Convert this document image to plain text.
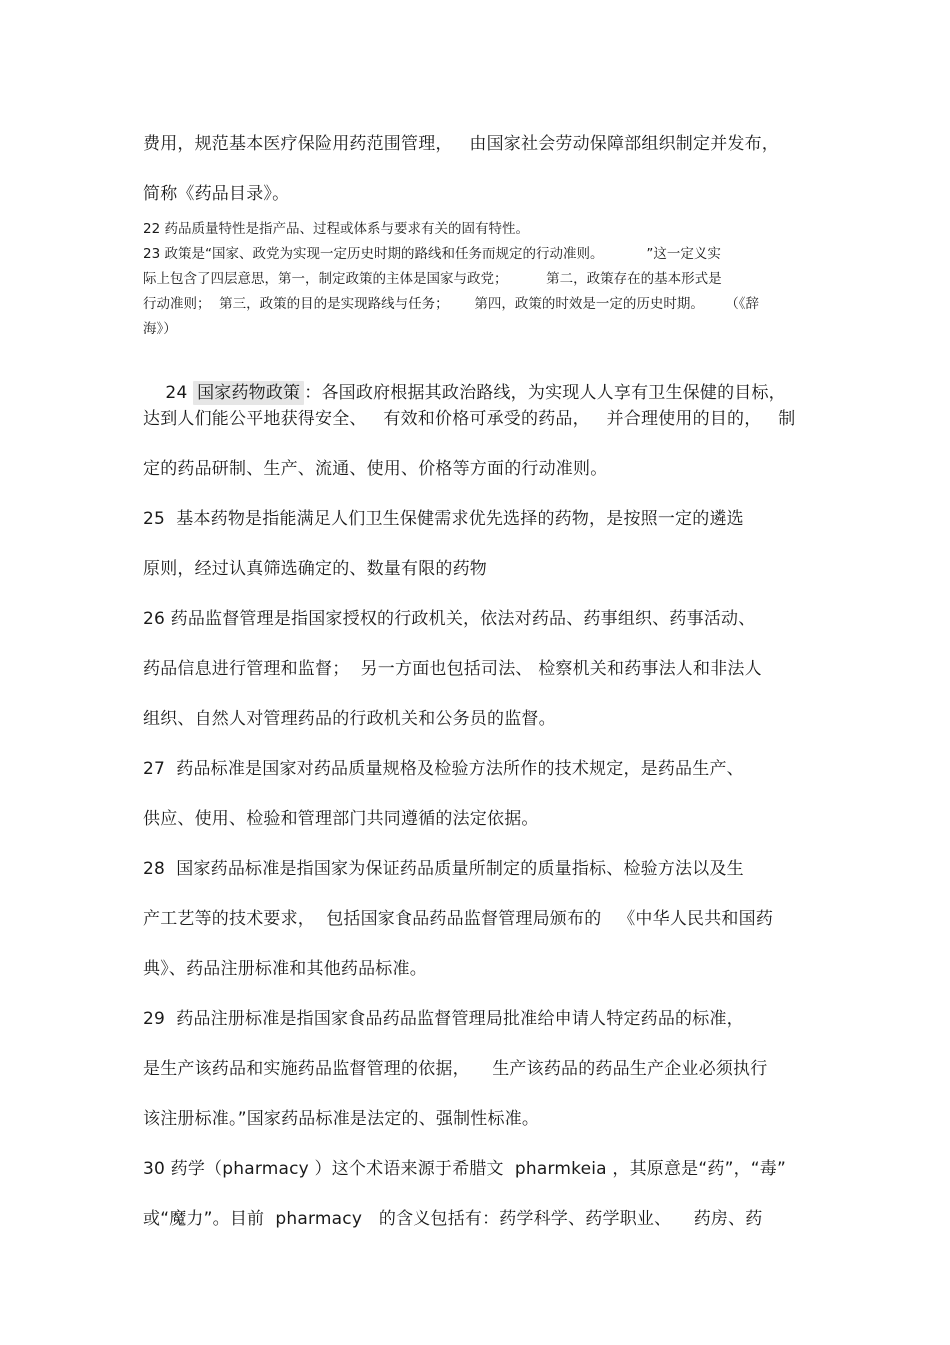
费用，规范基本医疗保险用药范围管理，   由国家社会劳动保障部组织制定并发布，
简称《药品目录》。
22 药品质量特性是指产品、过程或体系与要求有关的固有特性。
23 政策是“国家、政党为实现一定历史时期的路线和任务而规定的行动准则。          ”这一定义实
际上包含了四层意思，第一，制定政策的主体是国家与政党；         第二，政策存在的基本形式是
行动准则；  第三，政策的目的是实现路线与任务；      第四，政策的时效是一定的历史时期。     （《辞
海》）

24 国家药物政策 ：各国政府根据其政治路线，为实现人人享有卫生保健的目标，

达到人们能公平地获得安全、   有效和价格可承受的药品，   并合理使用的目的，   制
定的药品研制、生产、流通、使用、价格等方面的行动准则。
25  基本药物是指能满足人们卫生保健需求优先选择的药物，是按照一定的遴选
原则，经过认真筛选确定的、数量有限的药物
26 药品监督管理是指国家授权的行政机关，依法对药品、药事组织、药事活动、
药品信息进行管理和监督；  另一方面也包括司法、 检察机关和药事法人和非法人
组织、自然人对管理药品的行政机关和公务员的监督。
27  药品标准是国家对药品质量规格及检验方法所作的技术规定，是药品生产、
供应、使用、检验和管理部门共同遵循的法定依据。
28  国家药品标准是指国家为保证药品质量所制定的质量指标、检验方法以及生
产工艺等的技术要求，  包括国家食品药品监督管理局颁布的   《中华人民共和国药
典》、药品注册标准和其他药品标准。
29  药品注册标准是指国家食品药品监督管理局批准给申请人特定药品的标准，
是生产该药品和实施药品监督管理的依据，    生产该药品的药品生产企业必须执行
该注册标准。”国家药品标准是法定的、强制性标准。
30 药学（pharmacy ）这个术语来源于希腊文  pharmkeia ，其原意是“药”，“毒”
或“魔力”。目前  pharmacy   的含义包括有：药学科学、药学职业、    药房、药
